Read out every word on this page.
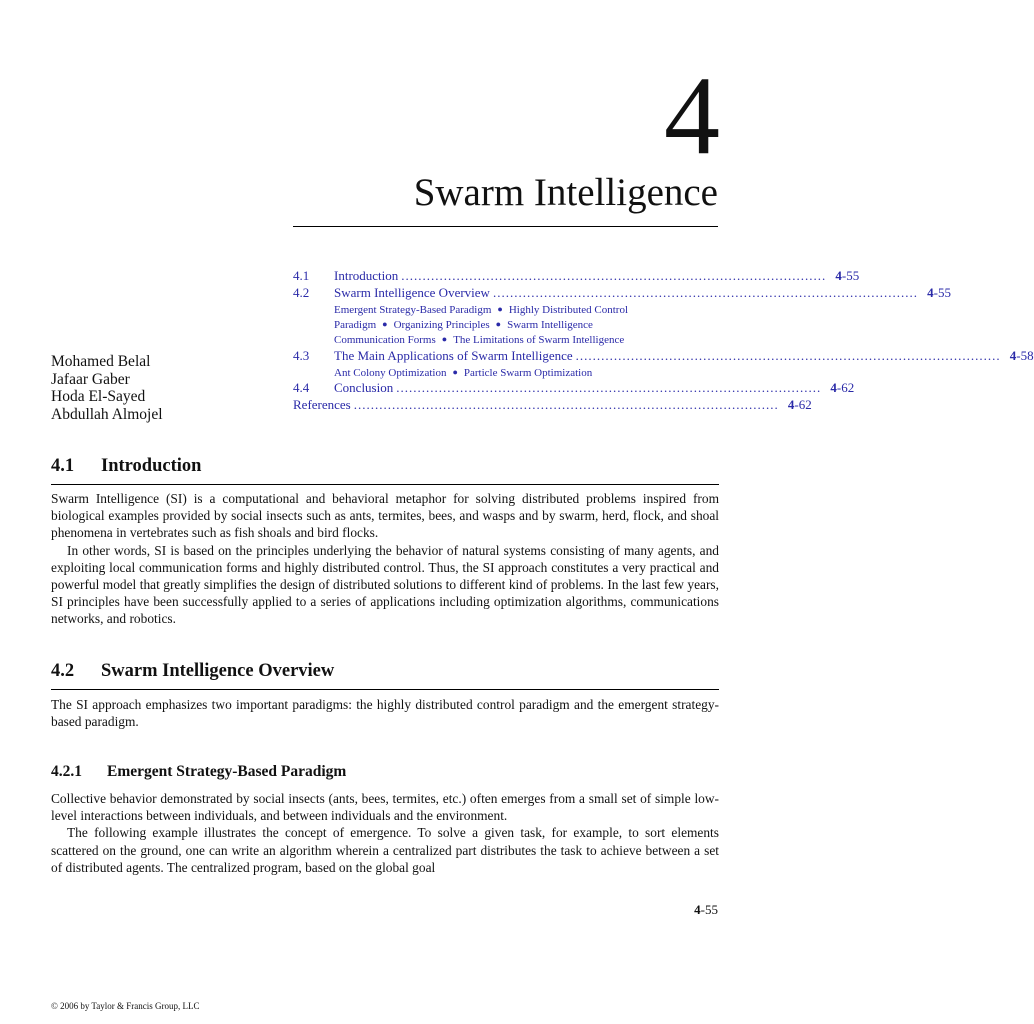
4
Swarm Intelligence
4.1	Introduction .................................................................................................... 4-55
4.2	Swarm Intelligence Overview .................................................................................................... 4-55
Emergent Strategy-Based Paradigm ● Highly Distributed Control Paradigm ● Organizing Principles ● Swarm Intelligence Communication Forms ● The Limitations of Swarm Intelligence
4.3	The Main Applications of Swarm Intelligence .................................................................................................... 4-58
Ant Colony Optimization ● Particle Swarm Optimization
4.4	Conclusion .................................................................................................... 4-62
References .................................................................................................... 4-62
Mohamed Belal
Jafaar Gaber
Hoda El-Sayed
Abdullah Almojel
4.1 Introduction

Swarm Intelligence (SI) is a computational and behavioral metaphor for solving distributed problems inspired from biological examples provided by social insects such as ants, termites, bees, and wasps and by swarm, herd, flock, and shoal phenomena in vertebrates such as fish shoals and bird flocks.

In other words, SI is based on the principles underlying the behavior of natural systems consisting of many agents, and exploiting local communication forms and highly distributed control. Thus, the SI approach constitutes a very practical and powerful model that greatly simplifies the design of distributed solutions to different kind of problems. In the last few years, SI principles have been successfully applied to a series of applications including optimization algorithms, communications networks, and robotics.

4.2 Swarm Intelligence Overview

The SI approach emphasizes two important paradigms: the highly distributed control paradigm and the emergent strategy-based paradigm.

4.2.1 Emergent Strategy-Based Paradigm

Collective behavior demonstrated by social insects (ants, bees, termites, etc.) often emerges from a small set of simple low-level interactions between individuals, and between individuals and the environment.

The following example illustrates the concept of emergence. To solve a given task, for example, to sort elements scattered on the ground, one can write an algorithm wherein a centralized part distributes the task to achieve between a set of distributed agents. The centralized program, based on the global goal

4-55
© 2006 by Taylor & Francis Group, LLC
